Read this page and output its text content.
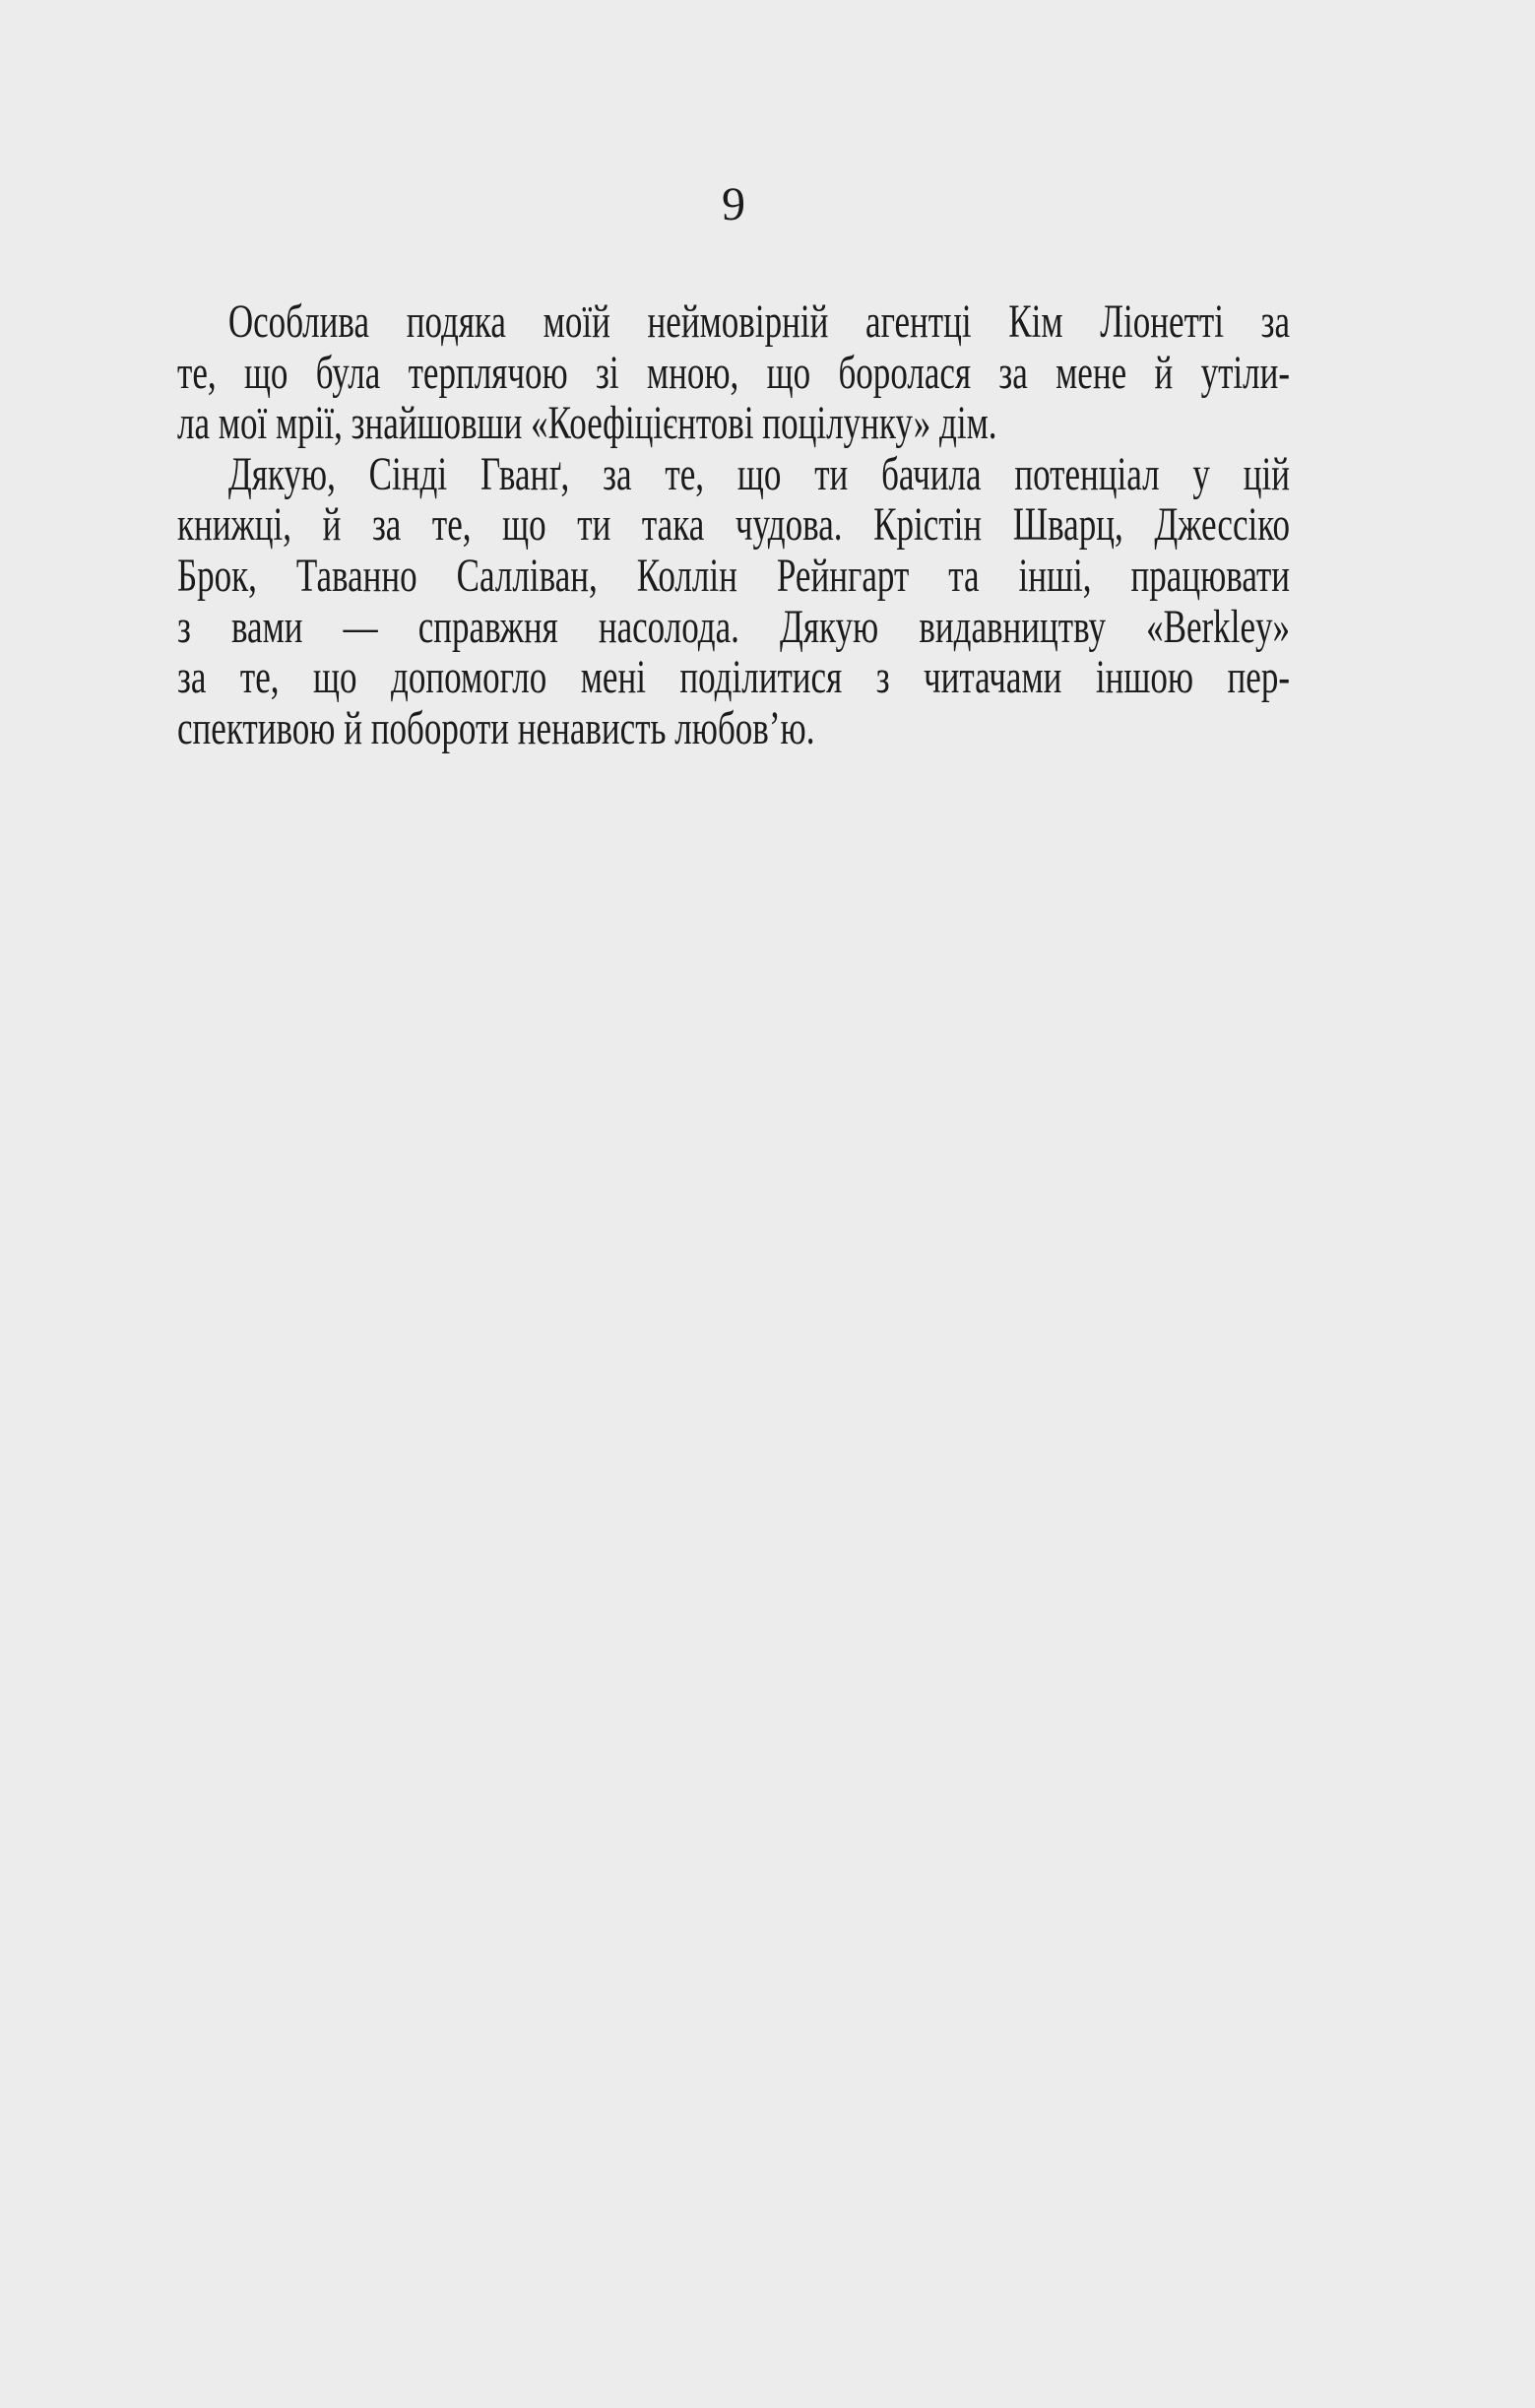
9
Особлива подяка моїй неймовірній агентці Кім Ліонетті за
те, що була терплячою зі мною, що боролася за мене й утіли-
ла мої мрії, знайшовши «Коефіцієнтові поцілунку» дім.
Дякую, Сінді Гванґ, за те, що ти бачила потенціал у цій
книжці, й за те, що ти така чудова. Крістін Шварц, Джессіко
Брок, Таванно Салліван, Коллін Рейнгарт та інші, працювати
з вами — справжня насолода. Дякую видавництву «Berkley»
за те, що допомогло мені поділитися з читачами іншою пер-
спективою й побороти ненависть любов’ю.
